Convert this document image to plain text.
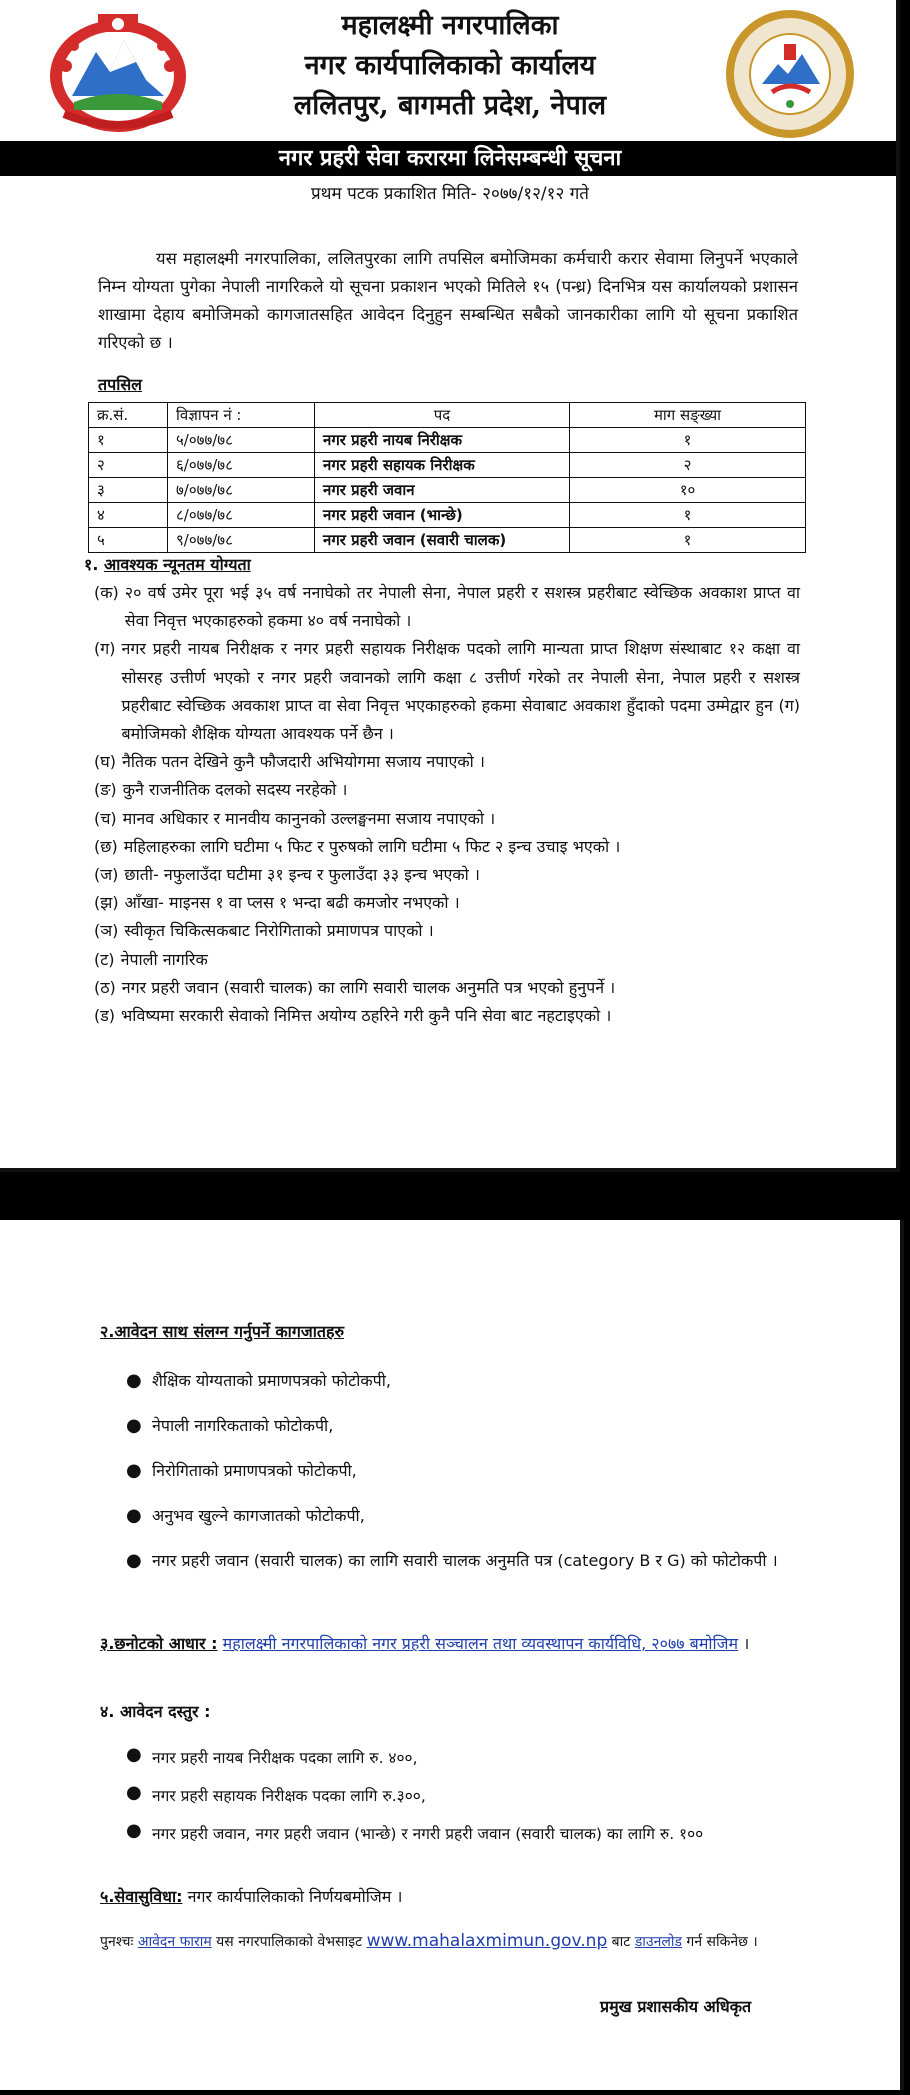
महालक्ष्मी नगरपालिका
नगर कार्यपालिकाको कार्यालय
ललितपुर, बागमती प्रदेश, नेपाल
नगर प्रहरी सेवा करारमा लिनेसम्बन्धी सूचना
प्रथम पटक प्रकाशित मिति- २०७७/१२/१२ गते
यस महालक्ष्मी नगरपालिका, ललितपुरका लागि तपसिल बमोजिमका कर्मचारी करार सेवामा लिनुपर्ने भएकाले निम्न योग्यता पुगेका नेपाली नागरिकले यो सूचना प्रकाशन भएको मितिले १५ (पन्ध्र) दिनभित्र यस कार्यालयको प्रशासन शाखामा देहाय बमोजिमको कागजातसहित आवेदन दिनुहुन सम्बन्धित सबैको जानकारीका लागि यो सूचना प्रकाशित गरिएको छ ।
तपसिल
क्र.सं.	विज्ञापन नं :	पद	माग सङ्ख्या
१	५/०७७/७८	नगर प्रहरी नायब निरीक्षक	१
२	६/०७७/७८	नगर प्रहरी सहायक निरीक्षक	२
३	७/०७७/७८	नगर प्रहरी जवान	१०
४	८/०७७/७८	नगर प्रहरी जवान (भान्छे)	१
५	९/०७७/७८	नगर प्रहरी जवान (सवारी चालक)	१
१. आवश्यक न्यूनतम योग्यता
(क) २० वर्ष उमेर पूरा भई ३५ वर्ष ननाघेको तर नेपाली सेना, नेपाल प्रहरी र सशस्त्र प्रहरीबाट स्वेच्छिक अवकाश प्राप्त वा सेवा निवृत्त भएकाहरुको हकमा ४० वर्ष ननाघेको ।
(ग) नगर प्रहरी नायब निरीक्षक र नगर प्रहरी सहायक निरीक्षक पदको लागि मान्यता प्राप्त शिक्षण संस्थाबाट १२ कक्षा वा सोसरह उत्तीर्ण भएको र नगर प्रहरी जवानको लागि कक्षा ८ उत्तीर्ण गरेको तर नेपाली सेना, नेपाल प्रहरी र सशस्त्र प्रहरीबाट स्वेच्छिक अवकाश प्राप्त वा सेवा निवृत्त भएकाहरुको हकमा सेवाबाट अवकाश हुँदाको पदमा उम्मेद्वार हुन (ग) बमोजिमको शैक्षिक योग्यता आवश्यक पर्ने छैन ।
(घ) नैतिक पतन देखिने कुनै फौजदारी अभियोगमा सजाय नपाएको ।
(ङ) कुनै राजनीतिक दलको सदस्य नरहेको ।
(च) मानव अधिकार र मानवीय कानुनको उल्लङ्घनमा सजाय नपाएको ।
(छ) महिलाहरुका लागि घटीमा ५ फिट र पुरुषको लागि घटीमा ५ फिट २ इन्च उचाइ भएको ।
(ज) छाती- नफुलाउँदा घटीमा ३१ इन्च र फुलाउँदा ३३ इन्च भएको ।
(झ) आँखा- माइनस १ वा प्लस १ भन्दा बढी कमजोर नभएको ।
(ञ) स्वीकृत चिकित्सकबाट निरोगिताको प्रमाणपत्र पाएको ।
(ट) नेपाली नागरिक
(ठ) नगर प्रहरी जवान (सवारी चालक) का लागि सवारी चालक अनुमति पत्र भएको हुनुपर्ने ।
(ड) भविष्यमा सरकारी सेवाको निमित्त अयोग्य ठहरिने गरी कुनै पनि सेवा बाट नहटाइएको ।
२.आवेदन साथ संलग्न गर्नुपर्ने कागजातहरु
● शैक्षिक योग्यताको प्रमाणपत्रको फोटोकपी,
● नेपाली नागरिकताको फोटोकपी,
● निरोगिताको प्रमाणपत्रको फोटोकपी,
● अनुभव खुल्ने कागजातको फोटोकपी,
● नगर प्रहरी जवान (सवारी चालक) का लागि सवारी चालक अनुमति पत्र (category B र G) को फोटोकपी ।
३.छनोटको आधार : महालक्ष्मी नगरपालिकाको नगर प्रहरी सञ्चालन तथा व्यवस्थापन कार्यविधि, २०७७ बमोजिम ।
४. आवेदन दस्तुर :
● नगर प्रहरी नायब निरीक्षक पदका लागि रु. ४००,
● नगर प्रहरी सहायक निरीक्षक पदका लागि रु.३००,
● नगर प्रहरी जवान, नगर प्रहरी जवान (भान्छे) र नगरी प्रहरी जवान (सवारी चालक) का लागि रु. १००
५.सेवासुविधा: नगर कार्यपालिकाको निर्णयबमोजिम ।
पुनश्चः आवेदन फाराम यस नगरपालिकाको वेभसाइट www.mahalaxmimun.gov.np बाट डाउनलोड गर्न सकिनेछ ।
प्रमुख प्रशासकीय अधिकृत
